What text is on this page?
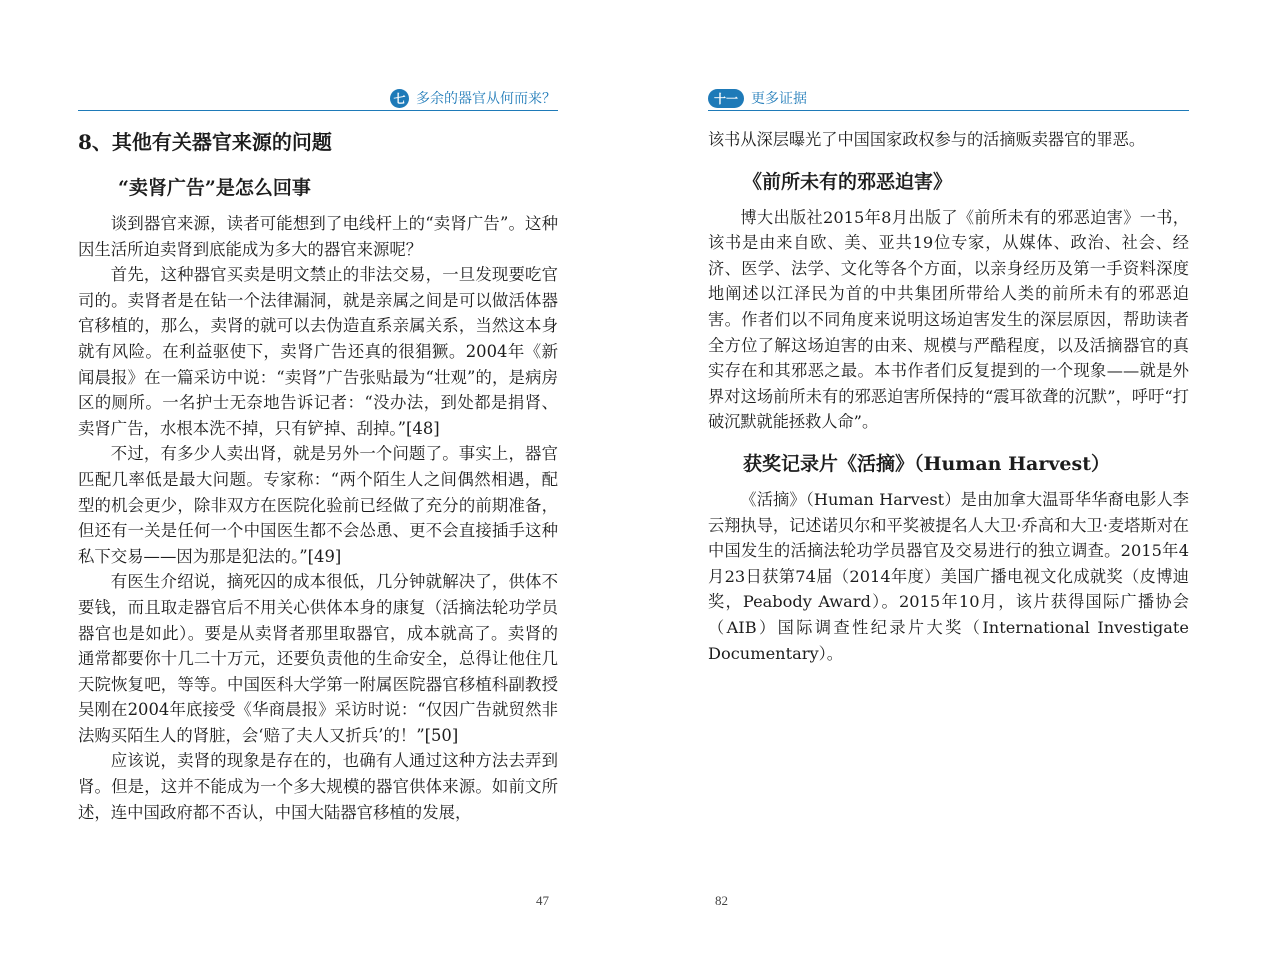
七 多余的器官从何而来？
8、其他有关器官来源的问题
“卖肾广告”是怎么回事

谈到器官来源，读者可能想到了电线杆上的“卖肾广告”。这种因生活所迫卖肾到底能成为多大的器官来源呢？

首先，这种器官买卖是明文禁止的非法交易，一旦发现要吃官司的。卖肾者是在钻一个法律漏洞，就是亲属之间是可以做活体器官移植的，那么，卖肾的就可以去伪造直系亲属关系，当然这本身就有风险。在利益驱使下，卖肾广告还真的很猖獗。2004年《新闻晨报》在一篇采访中说：“卖肾”广告张贴最为“壮观”的，是病房区的厕所。一名护士无奈地告诉记者：“没办法，到处都是捐肾、卖肾广告，水根本洗不掉，只有铲掉、刮掉。”[48]

不过，有多少人卖出肾，就是另外一个问题了。事实上，器官匹配几率低是最大问题。专家称：“两个陌生人之间偶然相遇，配型的机会更少，除非双方在医院化验前已经做了充分的前期准备，但还有一关是任何一个中国医生都不会怂恿、更不会直接插手这种私下交易——因为那是犯法的。”[49]

有医生介绍说，摘死囚的成本很低，几分钟就解决了，供体不要钱，而且取走器官后不用关心供体本身的康复（活摘法轮功学员器官也是如此）。要是从卖肾者那里取器官，成本就高了。卖肾的通常都要你十几二十万元，还要负责他的生命安全，总得让他住几天院恢复吧，等等。中国医科大学第一附属医院器官移植科副教授吴刚在2004年底接受《华商晨报》采访时说：“仅因广告就贸然非法购买陌生人的肾脏，会‘赔了夫人又折兵’的！”[50]

应该说，卖肾的现象是存在的，也确有人通过这种方法去弄到肾。但是，这并不能成为一个多大规模的器官供体来源。如前文所述，连中国政府都不否认，中国大陆器官移植的发展，

47
十一 更多证据

该书从深层曝光了中国国家政权参与的活摘贩卖器官的罪恶。

《前所未有的邪恶迫害》

博大出版社2015年8月出版了《前所未有的邪恶迫害》一书，该书是由来自欧、美、亚共19位专家，从媒体、政治、社会、经济、医学、法学、文化等各个方面，以亲身经历及第一手资料深度地阐述以江泽民为首的中共集团所带给人类的前所未有的邪恶迫害。作者们以不同角度来说明这场迫害发生的深层原因，帮助读者全方位了解这场迫害的由来、规模与严酷程度，以及活摘器官的真实存在和其邪恶之最。本书作者们反复提到的一个现象——就是外界对这场前所未有的邪恶迫害所保持的“震耳欲聋的沉默”，呼吁“打破沉默就能拯救人命”。

获奖记录片《活摘》（Human Harvest）

《活摘》（Human Harvest）是由加拿大温哥华华裔电影人李云翔执导，记述诺贝尔和平奖被提名人大卫·乔高和大卫·麦塔斯对在中国发生的活摘法轮功学员器官及交易进行的独立调查。2015年4月23日获第74届（2014年度）美国广播电视文化成就奖（皮博迪奖，Peabody Award）。2015年10月，该片获得国际广播协会（AIB）国际调查性纪录片大奖（International Investigate Documentary）。

82
